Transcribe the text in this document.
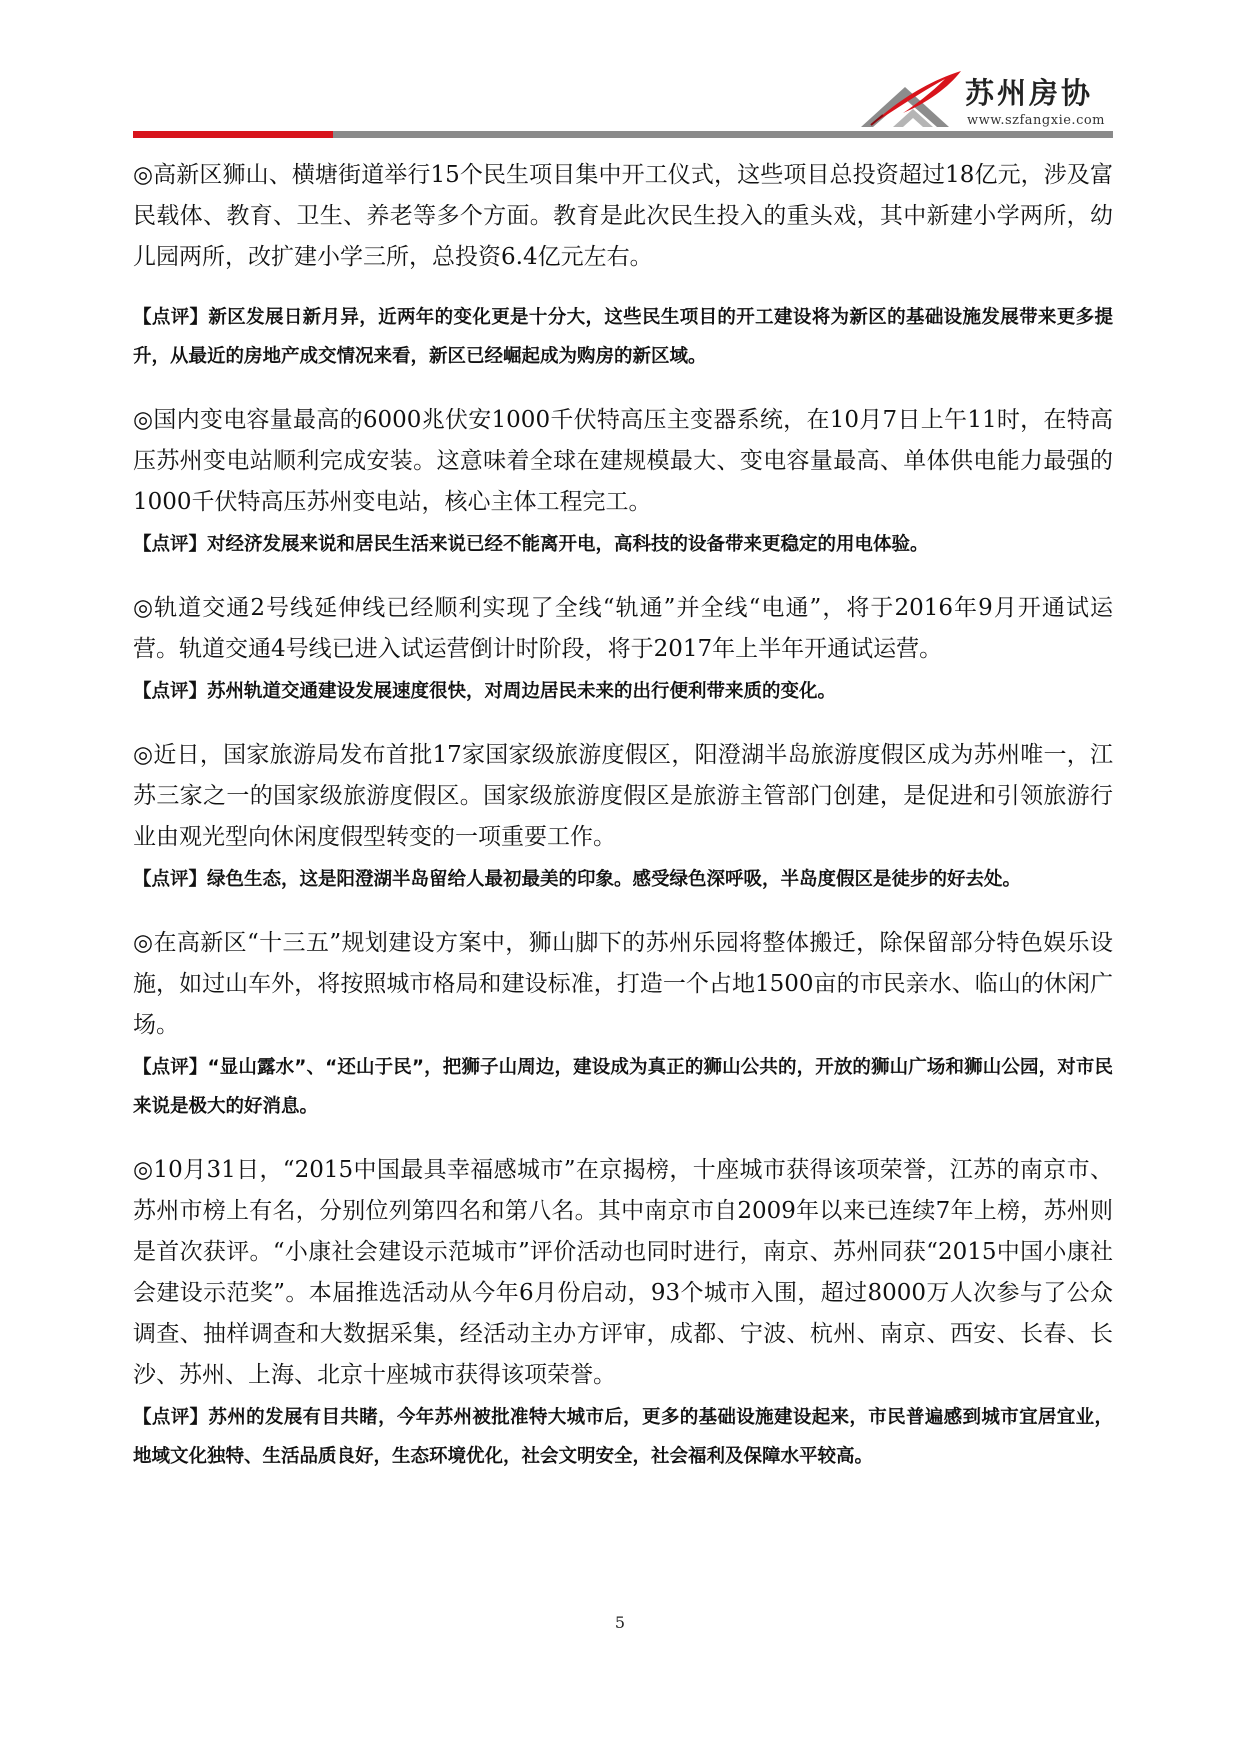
苏州房协
www.szfangxie.com

◎高新区狮山、横塘街道举行15个民生项目集中开工仪式，这些项目总投资超过18亿元，涉及富民载体、教育、卫生、养老等多个方面。教育是此次民生投入的重头戏，其中新建小学两所，幼儿园两所，改扩建小学三所，总投资6.4亿元左右。

【点评】新区发展日新月异，近两年的变化更是十分大，这些民生项目的开工建设将为新区的基础设施发展带来更多提升，从最近的房地产成交情况来看，新区已经崛起成为购房的新区域。

◎国内变电容量最高的6000兆伏安1000千伏特高压主变器系统，在10月7日上午11时，在特高压苏州变电站顺利完成安装。这意味着全球在建规模最大、变电容量最高、单体供电能力最强的1000千伏特高压苏州变电站，核心主体工程完工。

【点评】对经济发展来说和居民生活来说已经不能离开电，高科技的设备带来更稳定的用电体验。

◎轨道交通2号线延伸线已经顺利实现了全线“轨通”并全线“电通”，将于2016年9月开通试运营。轨道交通4号线已进入试运营倒计时阶段，将于2017年上半年开通试运营。

【点评】苏州轨道交通建设发展速度很快，对周边居民未来的出行便利带来质的变化。

◎近日，国家旅游局发布首批17家国家级旅游度假区，阳澄湖半岛旅游度假区成为苏州唯一，江苏三家之一的国家级旅游度假区。国家级旅游度假区是旅游主管部门创建，是促进和引领旅游行业由观光型向休闲度假型转变的一项重要工作。

【点评】绿色生态，这是阳澄湖半岛留给人最初最美的印象。感受绿色深呼吸，半岛度假区是徒步的好去处。

◎在高新区“十三五”规划建设方案中，狮山脚下的苏州乐园将整体搬迁，除保留部分特色娱乐设施，如过山车外，将按照城市格局和建设标准，打造一个占地1500亩的市民亲水、临山的休闲广场。

【点评】“显山露水”、“还山于民”，把狮子山周边，建设成为真正的狮山公共的，开放的狮山广场和狮山公园，对市民来说是极大的好消息。

◎10月31日，“2015中国最具幸福感城市”在京揭榜，十座城市获得该项荣誉，江苏的南京市、苏州市榜上有名，分别位列第四名和第八名。其中南京市自2009年以来已连续7年上榜，苏州则是首次获评。“小康社会建设示范城市”评价活动也同时进行，南京、苏州同获“2015中国小康社会建设示范奖”。本届推选活动从今年6月份启动，93个城市入围，超过8000万人次参与了公众调查、抽样调查和大数据采集，经活动主办方评审，成都、宁波、杭州、南京、西安、长春、长沙、苏州、上海、北京十座城市获得该项荣誉。

【点评】苏州的发展有目共睹，今年苏州被批准特大城市后，更多的基础设施建设起来，市民普遍感到城市宜居宜业，地域文化独特、生活品质良好，生态环境优化，社会文明安全，社会福利及保障水平较高。

5
